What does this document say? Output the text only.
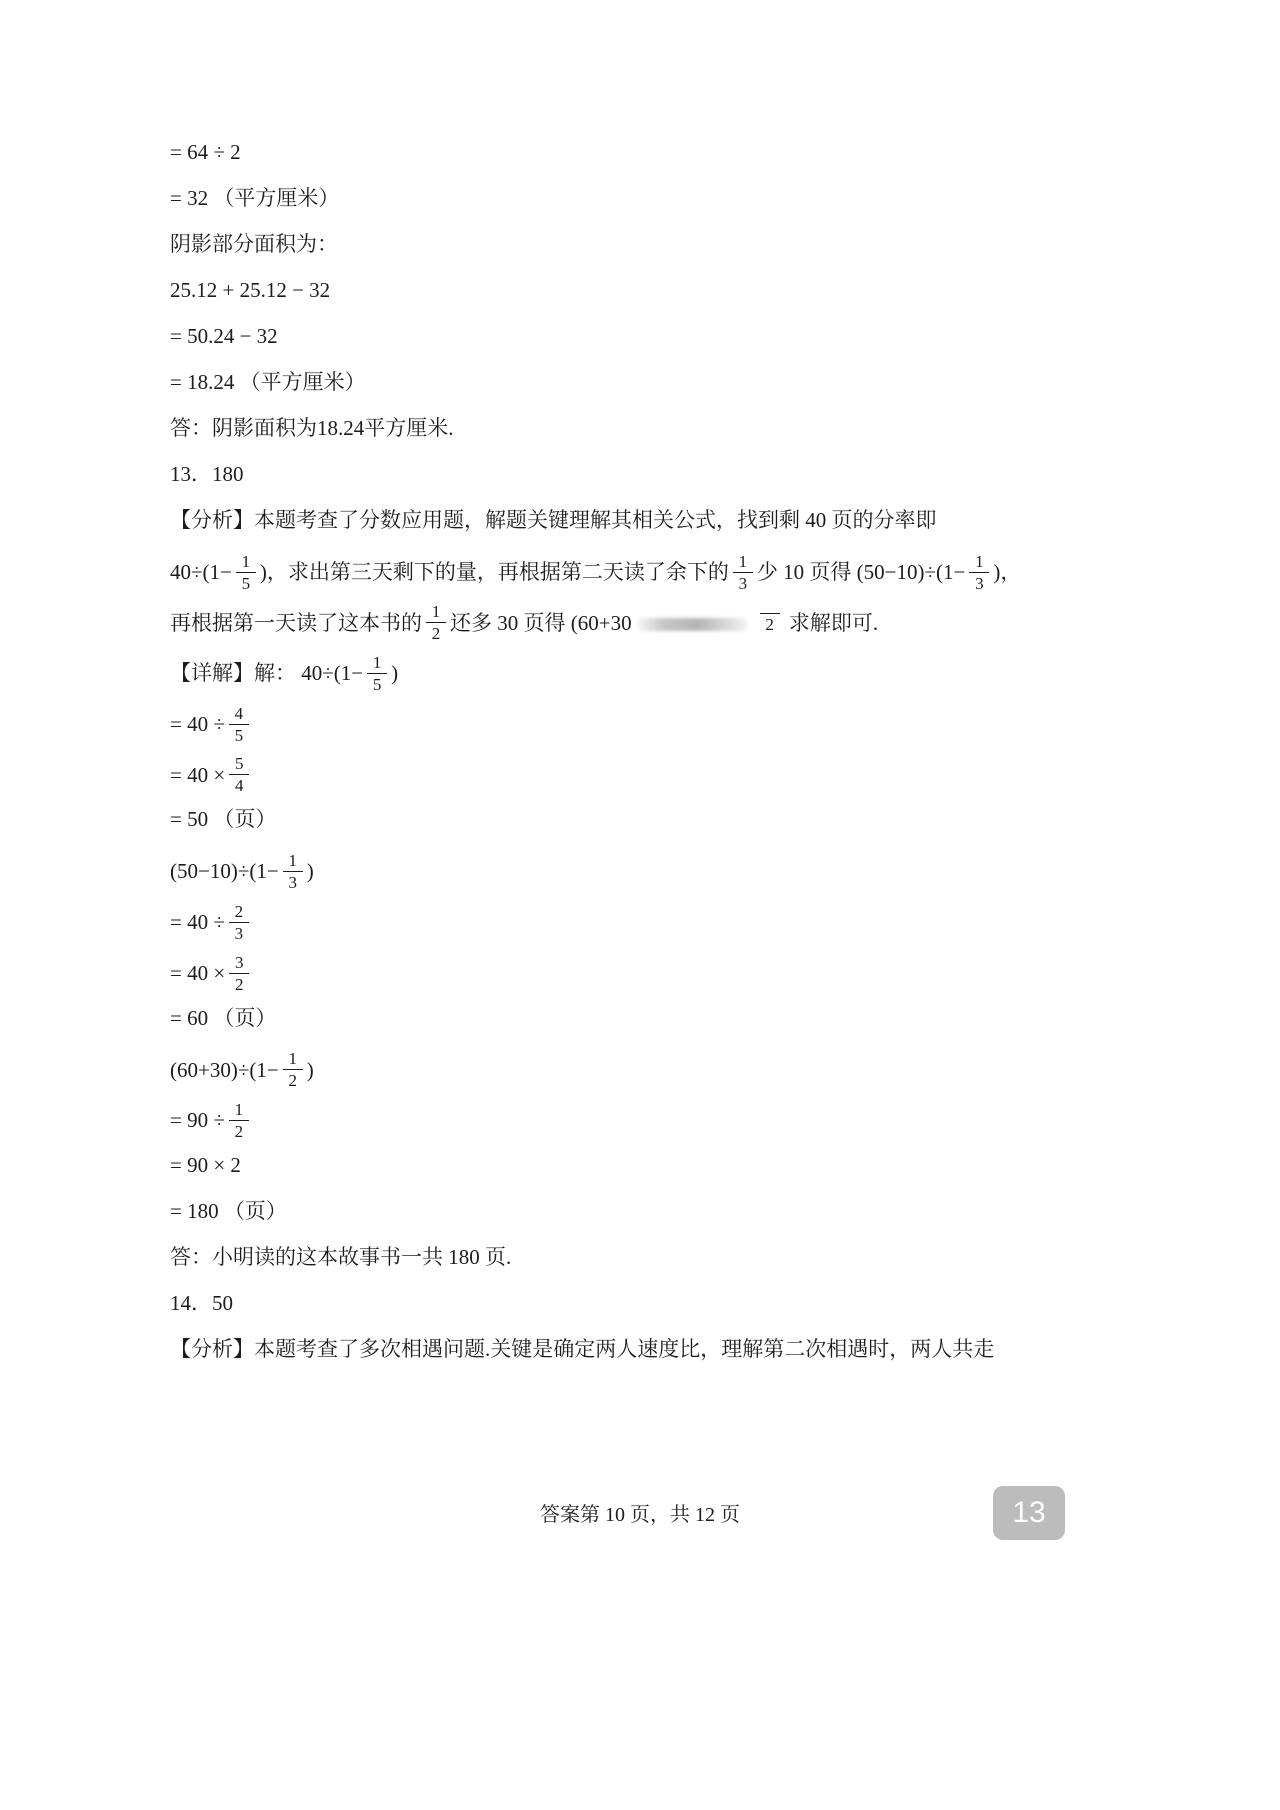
= 64 ÷ 2
= 32 （平方厘米）
阴影部分面积为：
25.12 + 25.12 − 32
= 50.24 − 32
= 18.24 （平方厘米）
答：阴影面积为18.24平方厘米.
13．180
【分析】本题考查了分数应用题，解题关键理解其相关公式，找到剩 40 页的分率即
$40\div(1- \frac{1}{5}$ )，求出第三天剩下的量，再根据第二天读了余下的 $\frac{1}{3}$ 少 10 页得 $(50-10)\div(1- \frac{1}{3}$ )，
再根据第一天读了这本书的 $\frac{1}{2}$ 还多 30 页得 (60+30	2 求解即可.
【详解】解： $40\div(1- \frac{1}{5}$ )
= $40 \div \frac{4}{5}$
= $40 \times \frac{5}{4}$
= 50 （页）
$(50-10)\div(1- \frac{1}{3}$ )
= $40 \div \frac{2}{3}$
= $40 \times \frac{3}{2}$
= 60 （页）
$(60+30)\div(1- \frac{1}{2}$ )
= $90 \div \frac{1}{2}$
= 90 × 2
= 180 （页）
答：小明读的这本故事书一共 180 页.
14．50
【分析】本题考查了多次相遇问题.关键是确定两人速度比，理解第二次相遇时，两人共走
答案第 10 页，共 12 页	13
